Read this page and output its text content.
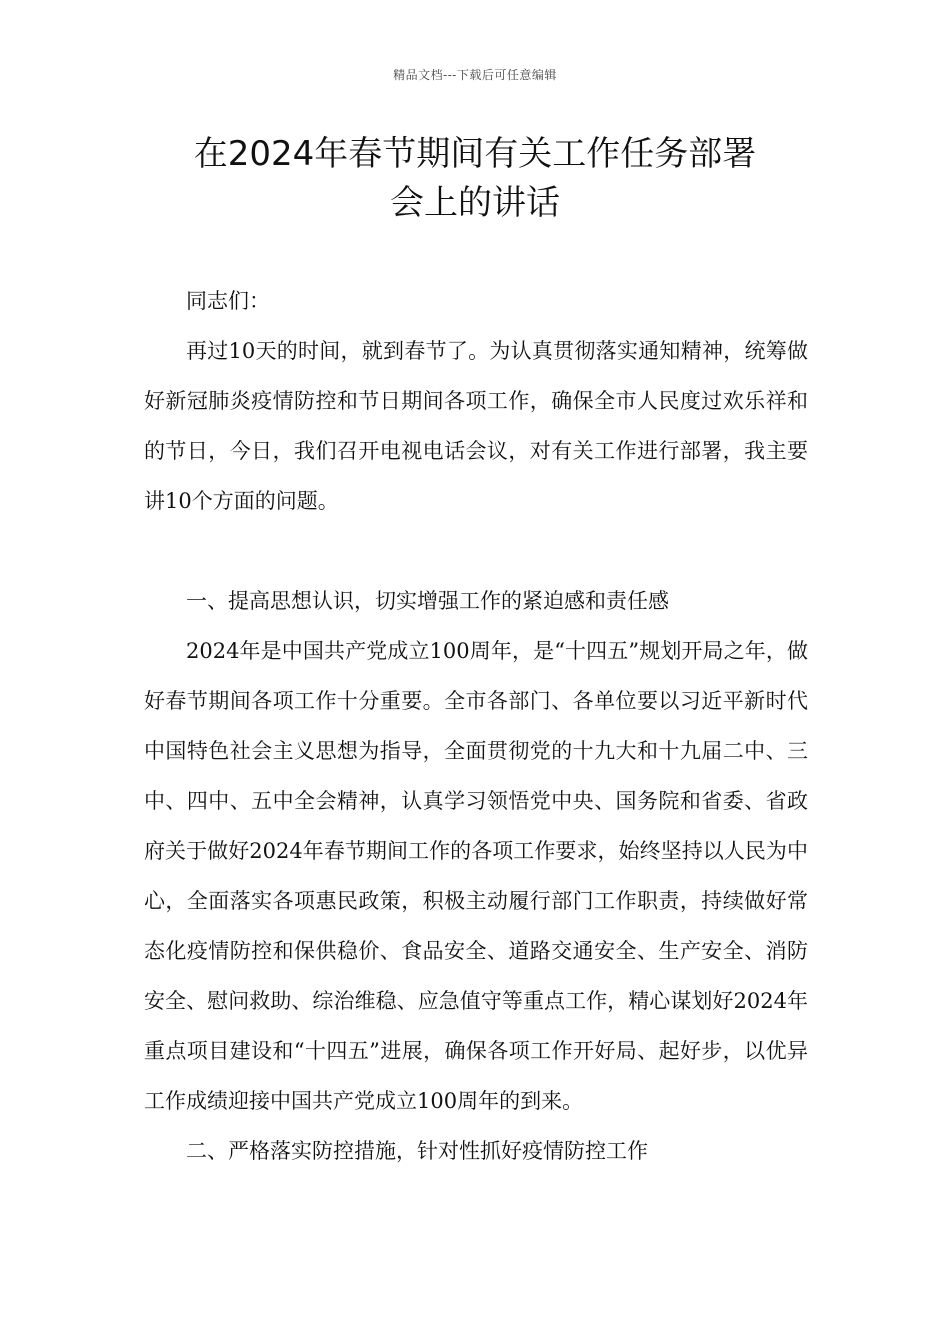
精品文档---下载后可任意编辑
在2024年春节期间有关工作任务部署
会上的讲话

同志们：

再过10天的时间，就到春节了。为认真贯彻落实通知精神，统筹做好新冠肺炎疫情防控和节日期间各项工作，确保全市人民度过欢乐祥和的节日，今日，我们召开电视电话会议，对有关工作进行部署，我主要讲10个方面的问题。

一、提高思想认识，切实增强工作的紧迫感和责任感

2024年是中国共产党成立100周年，是“十四五”规划开局之年，做好春节期间各项工作十分重要。全市各部门、各单位要以习近平新时代中国特色社会主义思想为指导，全面贯彻党的十九大和十九届二中、三中、四中、五中全会精神，认真学习领悟党中央、国务院和省委、省政府关于做好2024年春节期间工作的各项工作要求，始终坚持以人民为中心，全面落实各项惠民政策，积极主动履行部门工作职责，持续做好常态化疫情防控和保供稳价、食品安全、道路交通安全、生产安全、消防安全、慰问救助、综治维稳、应急值守等重点工作，精心谋划好2024年重点项目建设和“十四五”进展，确保各项工作开好局、起好步，以优异工作成绩迎接中国共产党成立100周年的到来。

二、严格落实防控措施，针对性抓好疫情防控工作
